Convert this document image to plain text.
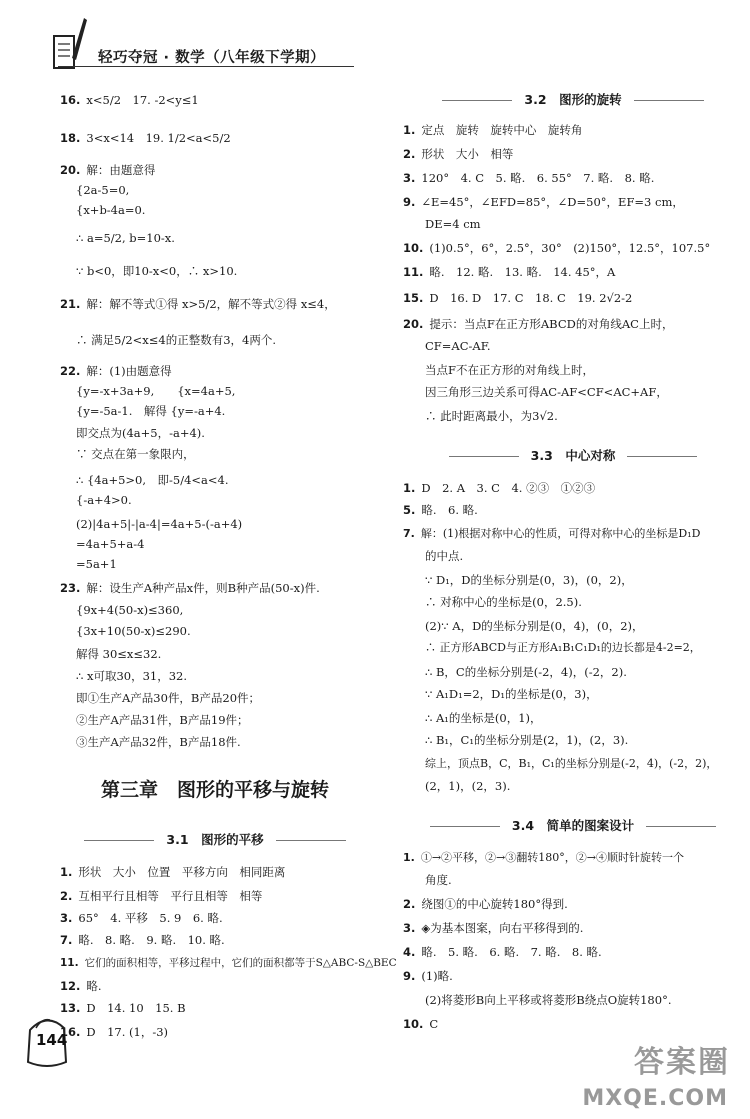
轻巧夺冠 · 数学（八年级下学期）
16. x<5/2　17. -2<y≤1
18. 3<x<14　19. 1/2<a<5/2
20. 解：由题意得
{2a-5=0,
{x+b-4a=0.
∴ a=5/2, b=10-x.
∵ b<0，即10-x<0，∴ x>10.
21. 解：解不等式①得 x>5/2，解不等式②得 x≤4，
∴ 满足5/2<x≤4的正整数有3，4两个.
22. 解：(1)由题意得
{y=-x+3a+9,　　{x=4a+5,
{y=-5a-1.　解得 {y=-a+4.
即交点为(4a+5，-a+4).
∵ 交点在第一象限内，
∴ {4a+5>0,　即-5/4<a<4.
{-a+4>0.
(2)|4a+5|-|a-4|=4a+5-(-a+4)
=4a+5+a-4
=5a+1
23. 解：设生产A种产品x件，则B种产品(50-x)件.
{9x+4(50-x)≤360,
{3x+10(50-x)≤290.
解得 30≤x≤32.
∴ x可取30，31，32.
即①生产A产品30件，B产品20件；
②生产A产品31件，B产品19件；
③生产A产品32件，B产品18件.
第三章　图形的平移与旋转
3.1　图形的平移
1. 形状　大小　位置　平移方向　相同距离
2. 互相平行且相等　平行且相等　相等
3. 65°　4. 平移　5. 9　6. 略.
7. 略.　8. 略.　9. 略.　10. 略.
11. 它们的面积相等，平移过程中，它们的面积都等于S△ABC-S△BEC
12. 略.
13. D　14. 10　15. B
16. D　17. (1，-3)
3.2　图形的旋转
1. 定点　旋转　旋转中心　旋转角
2. 形状　大小　相等
3. 120°　4. C　5. 略.　6. 55°　7. 略.　8. 略.
9. ∠E=45°，∠EFD=85°，∠D=50°，EF=3 cm，
DE=4 cm
10. (1)0.5°，6°，2.5°，30°　(2)150°，12.5°，107.5°
11. 略.　12. 略.　13. 略.　14. 45°，A
15. D　16. D　17. C　18. C　19. 2√2-2
20. 提示：当点F在正方形ABCD的对角线AC上时，
CF=AC-AF.
当点F不在正方形的对角线上时，
因三角形三边关系可得AC-AF<CF<AC+AF，
∴ 此时距离最小，为3√2.
3.3　中心对称
1. D　2. A　3. C　4. ②③　①②③
5. 略.　6. 略.
7. 解：(1)根据对称中心的性质，可得对称中心的坐标是D₁D
的中点.
∵ D₁，D的坐标分别是(0，3)，(0，2)，
∴ 对称中心的坐标是(0，2.5).
(2)∵ A，D的坐标分别是(0，4)，(0，2)，
∴ 正方形ABCD与正方形A₁B₁C₁D₁的边长都是4-2=2，
∴ B，C的坐标分别是(-2，4)，(-2，2).
∵ A₁D₁=2，D₁的坐标是(0，3)，
∴ A₁的坐标是(0，1)，
∴ B₁，C₁的坐标分别是(2，1)，(2，3).
综上，顶点B，C，B₁，C₁的坐标分别是(-2，4)，(-2，2)，
(2，1)，(2，3).
3.4　简单的图案设计
1. ①→②平移，②→③翻转180°，②→④顺时针旋转一个
角度.
2. 绕图①的中心旋转180°得到.
3. ◈为基本图案，向右平移得到的.
4. 略.　5. 略.　6. 略.　7. 略.　8. 略.
9. (1)略.
(2)将菱形B向上平移或将菱形B绕点O旋转180°.
10. C
144
答案圈
MXQE.COM
